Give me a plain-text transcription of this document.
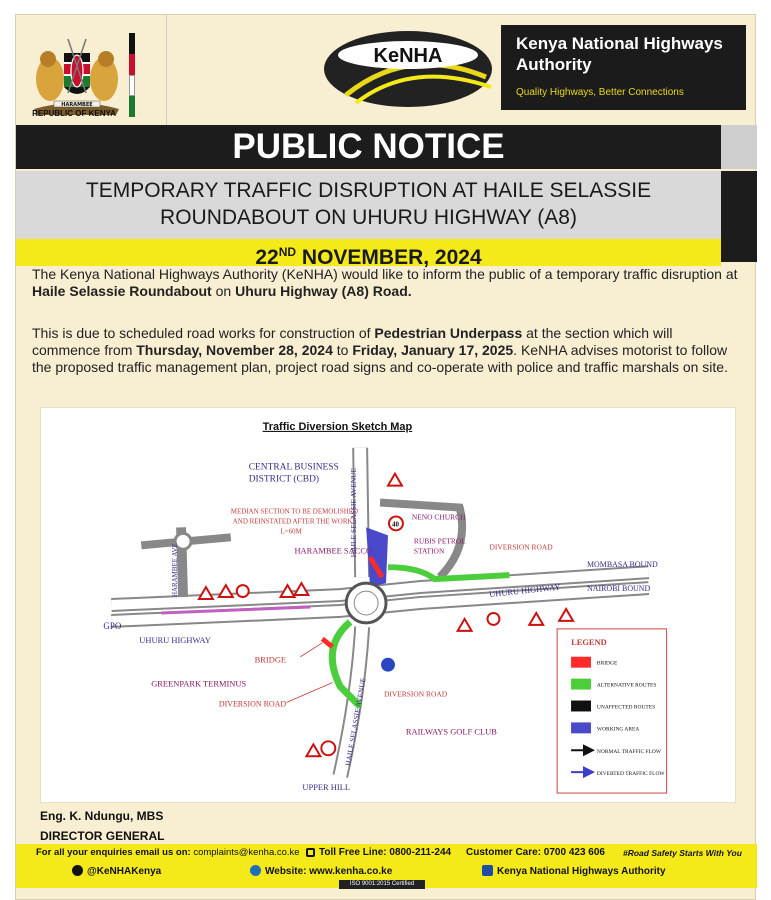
HARAMBEE
REPUBLIC OF KENYA
Kenya National Highways Authority
Quality Highways, Better Connections
KeNHA
PUBLIC NOTICE
TEMPORARY TRAFFIC DISRUPTION AT HAILE SELASSIE
ROUNDABOUT ON UHURU HIGHWAY (A8)
22ND NOVEMBER, 2024
The Kenya National Highways Authority (KeNHA) would like to inform the public of a temporary traffic disruption at Haile Selassie Roundabout on Uhuru Highway (A8) Road.
This is due to scheduled road works for construction of Pedestrian Underpass at the section which will commence from Thursday, November 28, 2024 to Friday, January 17, 2025. KeNHA advises motorist to follow the proposed traffic management plan, project road signs and co-operate with police and traffic marshals on site.
Traffic Diversion Sketch Map
40
CENTRAL BUSINESS
DISTRICT (CBD)
MEDIAN SECTION TO BE DEMOLISHED
AND REINSTATED AFTER THE WORKS
L=60M
HARAMBEE SACCO
NENO CHURCH
RUBIS PETROL
STATION	DIVERSION ROAD
MOMBASA BOUND
NAIROBI BOUND
UHURU HIGHWAY
UHURU HIGHWAY
GPO
HARAMBEE AVE
HAILE SELASSIE AVENUE
HAILE SELASSIE AVENUE
BRIDGE
GREENPARK TERMINUS
DIVERSION ROAD
DIVERSION ROAD
RAILWAYS GOLF CLUB
UPPER HILL
LEGEND
BRIDGE
ALTERNATIVE ROUTES
UNAFFECTED ROUTES
WORKING AREA
NORMAL TRAFFIC FLOW
DIVERTED TRAFFIC FLOW
Eng. K. Ndungu, MBS
DIRECTOR GENERAL
For all your enquiries email us on: complaints@kenha.co.ke	Toll Free Line: 0800-211-244 Customer Care: 0700 423 606 #Road Safety Starts With You
@KeNHAKenya	Website: www.kenha.co.ke	Kenya National Highways Authority
ISO 9001:2015 Certified
